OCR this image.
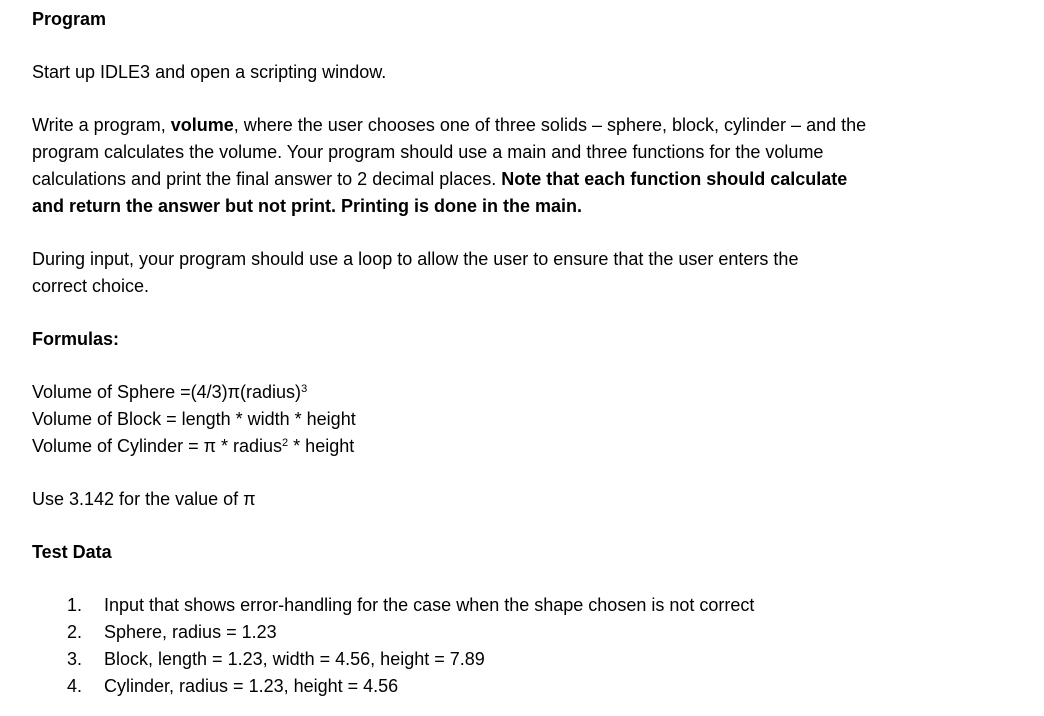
Program
Start up IDLE3 and open a scripting window.
Write a program, volume, where the user chooses one of three solids – sphere, block, cylinder – and the
program calculates the volume. Your program should use a main and three functions for the volume
calculations and print the final answer to 2 decimal places. Note that each function should calculate
and return the answer but not print. Printing is done in the main.
During input, your program should use a loop to allow the user to ensure that the user enters the
correct choice.
Formulas:
Volume of Sphere =(4/3)π(radius)$^3$
Volume of Block = length * width * height
Volume of Cylinder = π * radius$^2$ * height
Use 3.142 for the value of π
Test Data
1.	Input that shows error-handling for the case when the shape chosen is not correct
2.	Sphere, radius = 1.23
3.	Block, length = 1.23, width = 4.56, height = 7.89
4.	Cylinder, radius = 1.23, height = 4.56
